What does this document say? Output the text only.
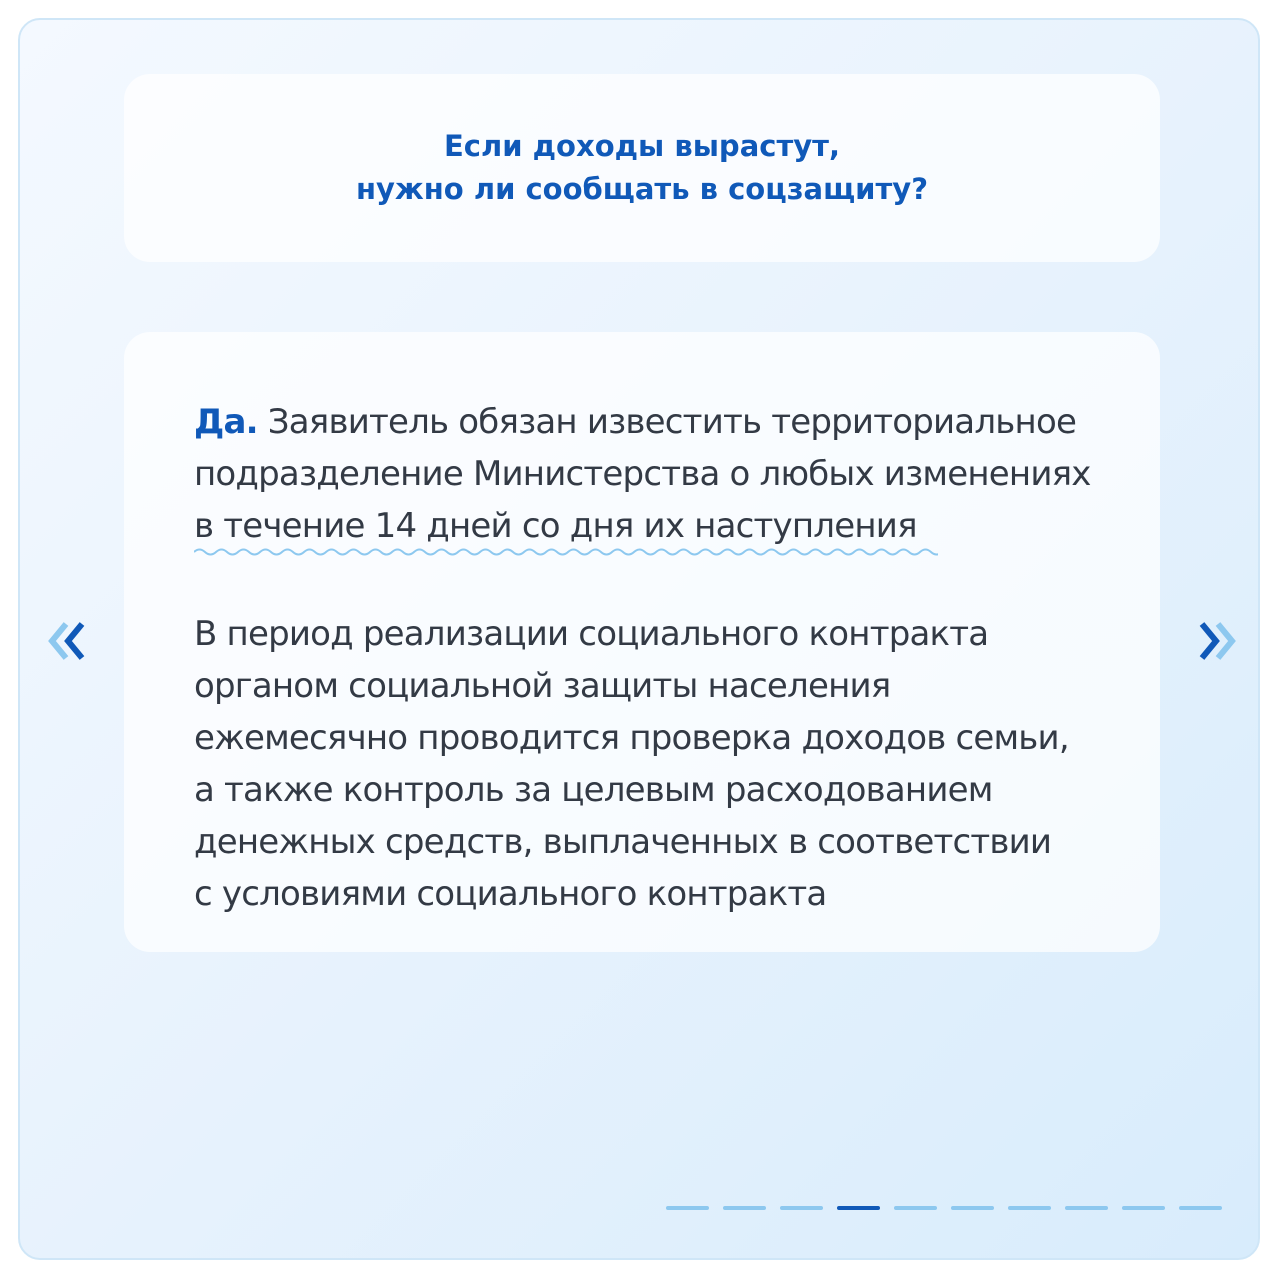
Если доходы вырастут,
нужно ли сообщать в соцзащиту?

Да. Заявитель обязан известить территориальное
подразделение Министерства о любых изменениях
в течение 14 дней со дня их наступления

В период реализации социального контракта
органом социальной защиты населения
ежемесячно проводится проверка доходов семьи,
а также контроль за целевым расходованием
денежных средств, выплаченных в соответствии
с условиями социального контракта
